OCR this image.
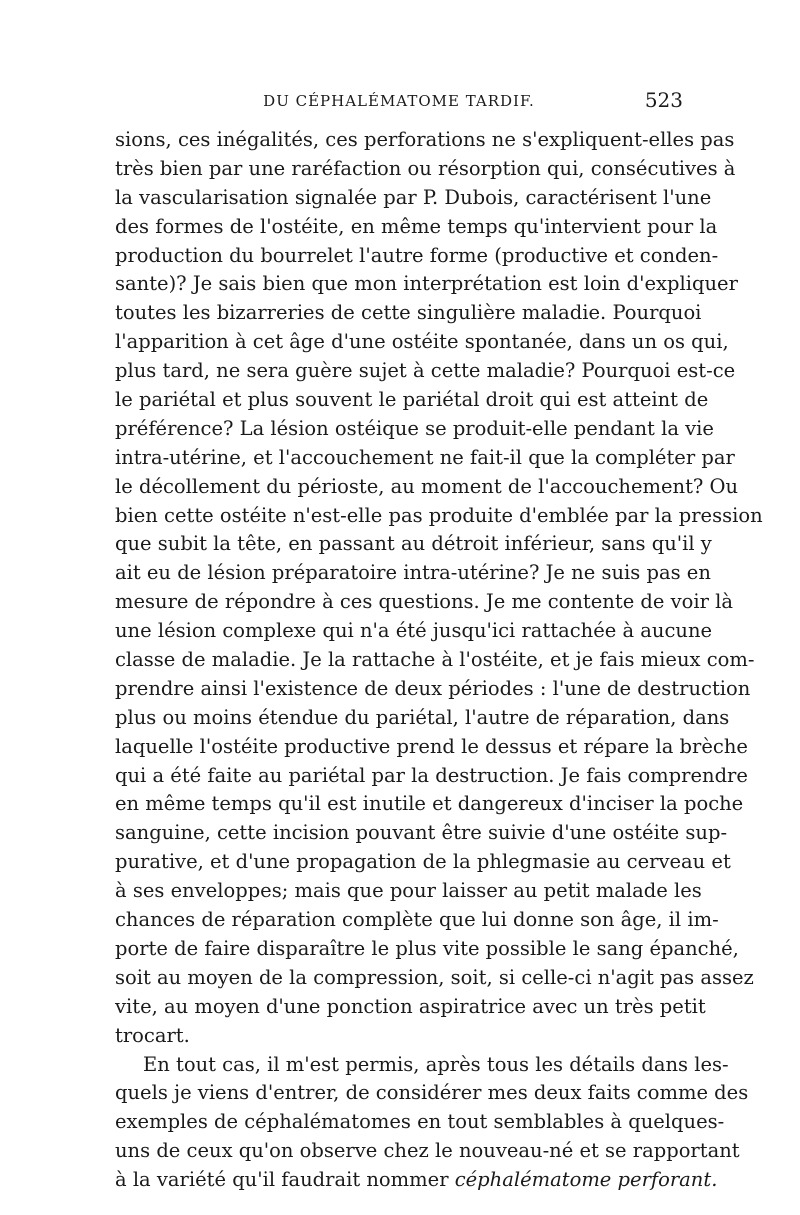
DU CÉPHALÉMATOME TARDIF.	523
sions, ces inégalités, ces perforations ne s'expliquent-elles pas
très bien par une raréfaction ou résorption qui, consécutives à
la vascularisation signalée par P. Dubois, caractérisent l'une
des formes de l'ostéite, en même temps qu'intervient pour la
production du bourrelet l'autre forme (productive et conden-
sante)? Je sais bien que mon interprétation est loin d'expliquer
toutes les bizarreries de cette singulière maladie. Pourquoi
l'apparition à cet âge d'une ostéite spontanée, dans un os qui,
plus tard, ne sera guère sujet à cette maladie? Pourquoi est-ce
le pariétal et plus souvent le pariétal droit qui est atteint de
préférence? La lésion ostéique se produit-elle pendant la vie
intra-utérine, et l'accouchement ne fait-il que la compléter par
le décollement du périoste, au moment de l'accouchement? Ou
bien cette ostéite n'est-elle pas produite d'emblée par la pression
que subit la tête, en passant au détroit inférieur, sans qu'il y
ait eu de lésion préparatoire intra-utérine? Je ne suis pas en
mesure de répondre à ces questions. Je me contente de voir là
une lésion complexe qui n'a été jusqu'ici rattachée à aucune
classe de maladie. Je la rattache à l'ostéite, et je fais mieux com-
prendre ainsi l'existence de deux périodes : l'une de destruction
plus ou moins étendue du pariétal, l'autre de réparation, dans
laquelle l'ostéite productive prend le dessus et répare la brèche
qui a été faite au pariétal par la destruction. Je fais comprendre
en même temps qu'il est inutile et dangereux d'inciser la poche
sanguine, cette incision pouvant être suivie d'une ostéite sup-
purative, et d'une propagation de la phlegmasie au cerveau et
à ses enveloppes; mais que pour laisser au petit malade les
chances de réparation complète que lui donne son âge, il im-
porte de faire disparaître le plus vite possible le sang épanché,
soit au moyen de la compression, soit, si celle-ci n'agit pas assez
vite, au moyen d'une ponction aspiratrice avec un très petit
trocart.
En tout cas, il m'est permis, après tous les détails dans les-
quels je viens d'entrer, de considérer mes deux faits comme des
exemples de céphalématomes en tout semblables à quelques-
uns de ceux qu'on observe chez le nouveau-né et se rapportant
à la variété qu'il faudrait nommer céphalématome perforant.
